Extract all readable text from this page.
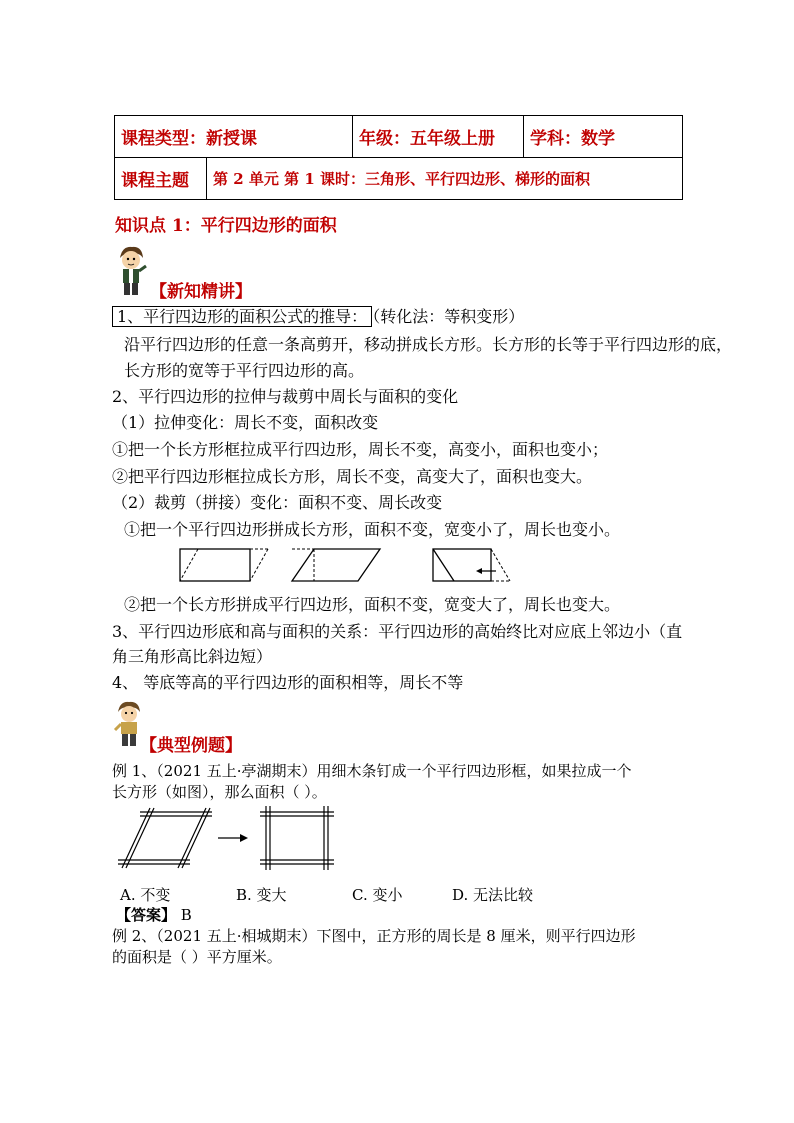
课程类型：新授课		年级：五年级上册	学科：数学
课程主题	第 2 单元 第 1 课时：三角形、平行四边形、梯形的面积		
知识点 1：平行四边形的面积
【新知精讲】
1、平行四边形的面积公式的推导： （转化法：等积变形）
沿平行四边形的任意一条高剪开，移动拼成长方形。长方形的长等于平行四边形的底，
长方形的宽等于平行四边形的高。
2、平行四边形的拉伸与裁剪中周长与面积的变化
（1）拉伸变化：周长不变，面积改变
①把一个长方形框拉成平行四边形，周长不变，高变小，面积也变小；
②把平行四边形框拉成长方形，周长不变，高变大了，面积也变大。
（2）裁剪（拼接）变化：面积不变、周长改变
①把一个平行四边形拼成长方形，面积不变，宽变小了，周长也变小。
②把一个长方形拼成平行四边形，面积不变，宽变大了，周长也变大。
3、平行四边形底和高与面积的关系：平行四边形的高始终比对应底上邻边小（直
角三角形高比斜边短）
4、 等底等高的平行四边形的面积相等，周长不等
【典型例题】
例 1、（2021 五上·亭湖期末）用细木条钉成一个平行四边形框，如果拉成一个
长方形（如图），那么面积（ ）。
A. 不变	B. 变大	C. 变小	D. 无法比较
【答案】 B
例 2、（2021 五上·相城期末）下图中，正方形的周长是 8 厘米，则平行四边形
的面积是（ ）平方厘米。
